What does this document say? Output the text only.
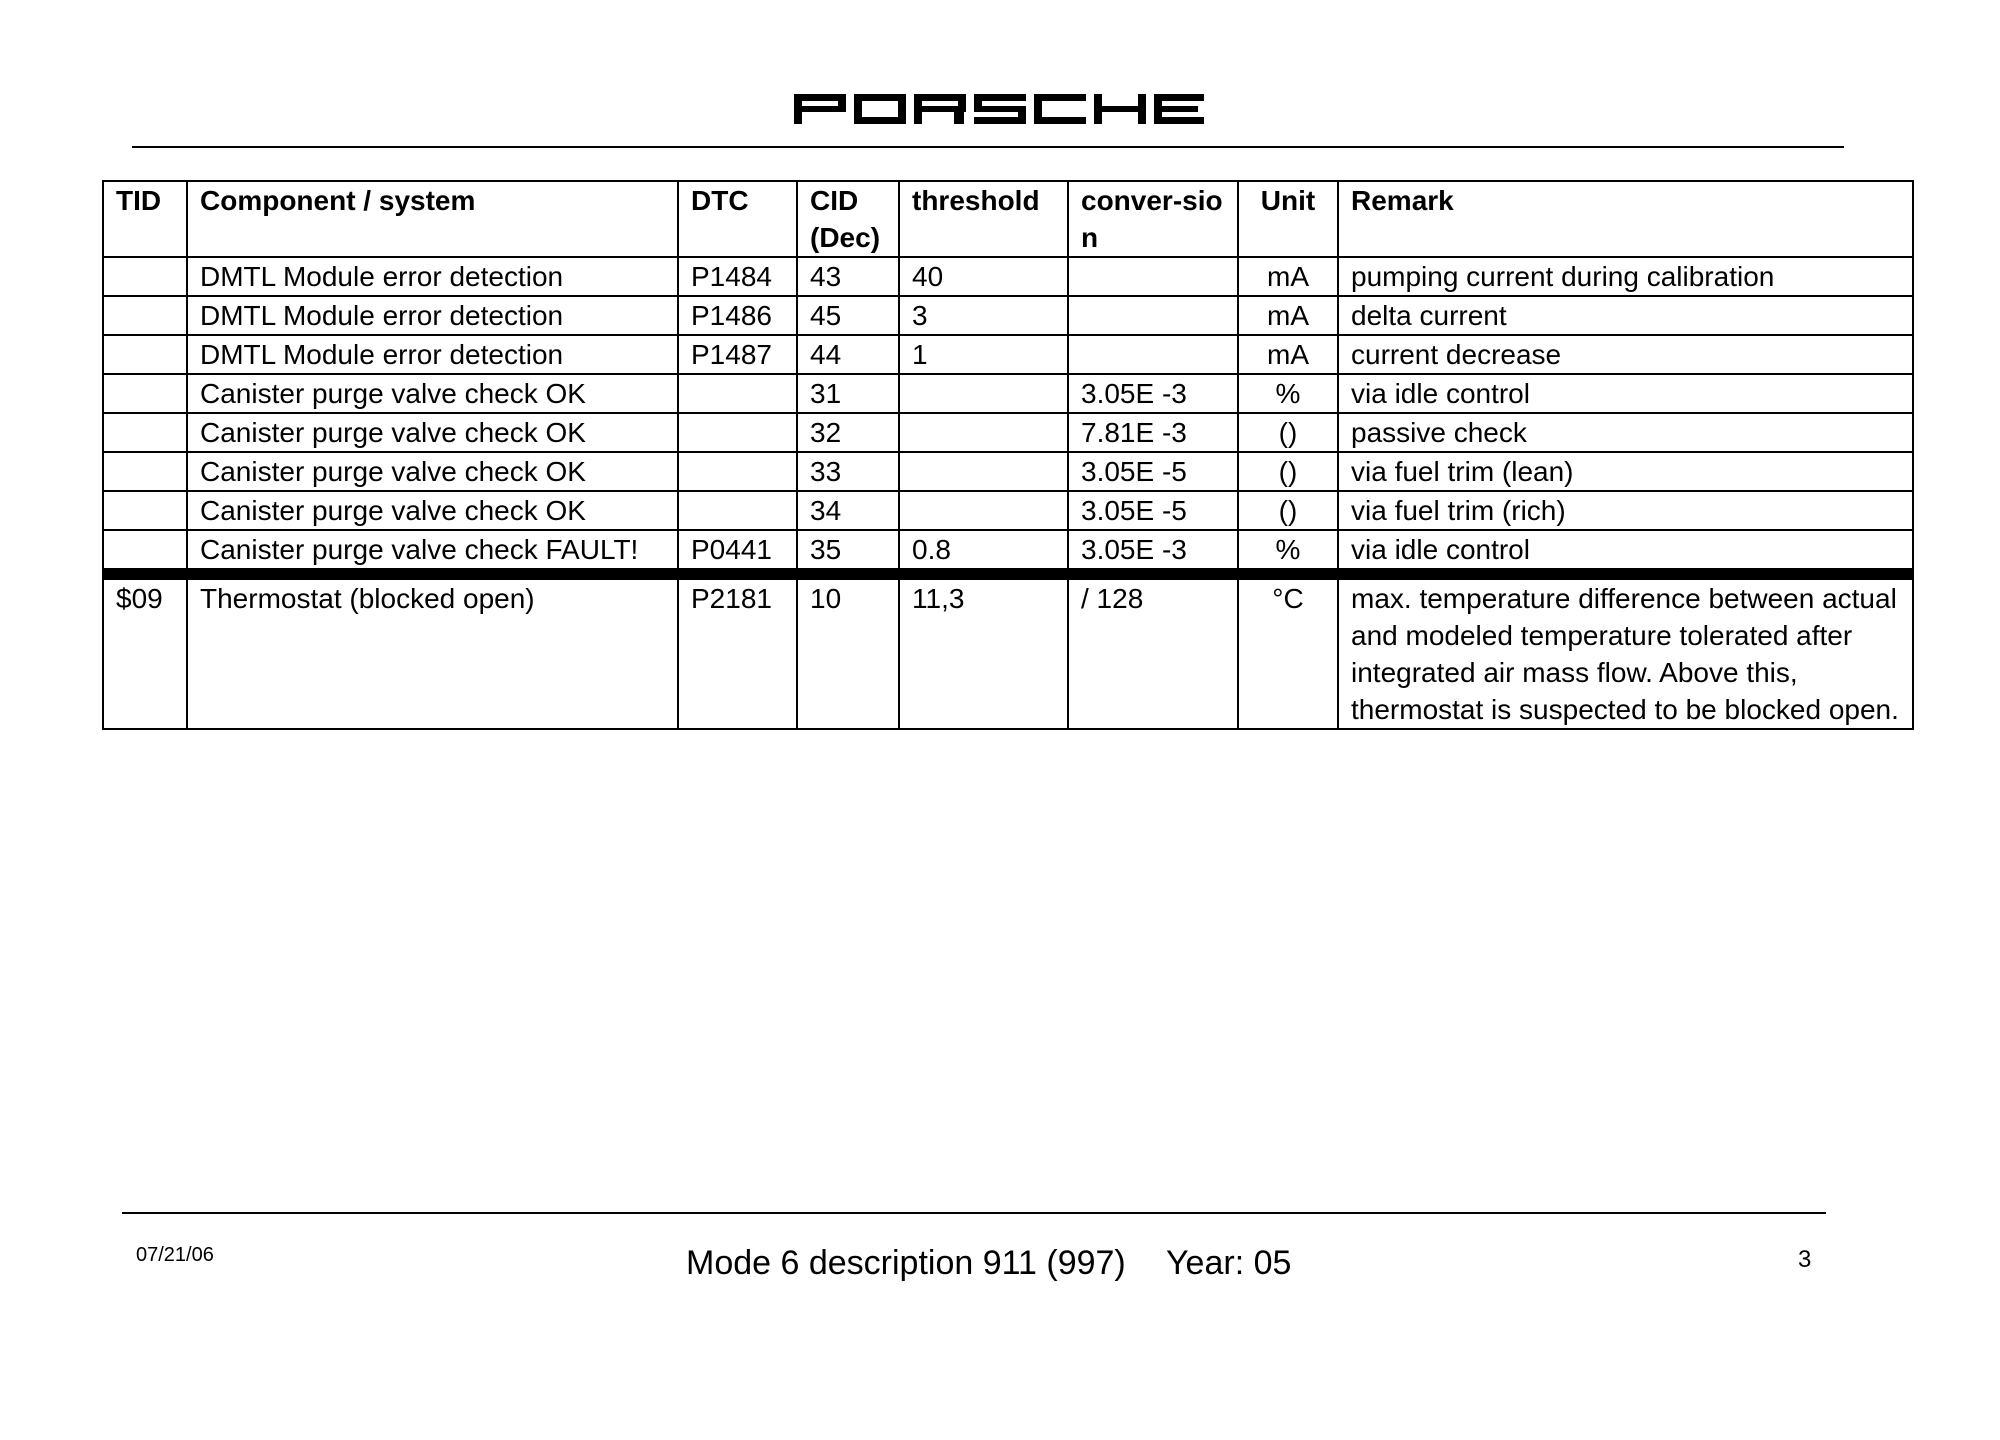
TID	Component / system	DTC	CID (Dec)	threshold	conver-sion	Unit	Remark
	DMTL Module error detection	P1484	43	40		mA	pumping current during calibration
	DMTL Module error detection	P1486	45	3		mA	delta current
	DMTL Module error detection	P1487	44	1		mA	current decrease
	Canister purge valve check OK		31		3.05E -3	%	via idle control
	Canister purge valve check OK		32		7.81E -3	()	passive check
	Canister purge valve check OK		33		3.05E -5	()	via fuel trim (lean)
	Canister purge valve check OK		34		3.05E -5	()	via fuel trim (rich)
	Canister purge valve check FAULT!	P0441	35	0.8	3.05E -3	%	via idle control
$09	Thermostat (blocked open)	P2181	10	11,3	/ 128	°C	max. temperature difference between actual and modeled temperature tolerated after integrated air mass flow. Above this, thermostat is suspected to be blocked open.
07/21/06	Mode 6 description 911 (997) Year: 05	3
